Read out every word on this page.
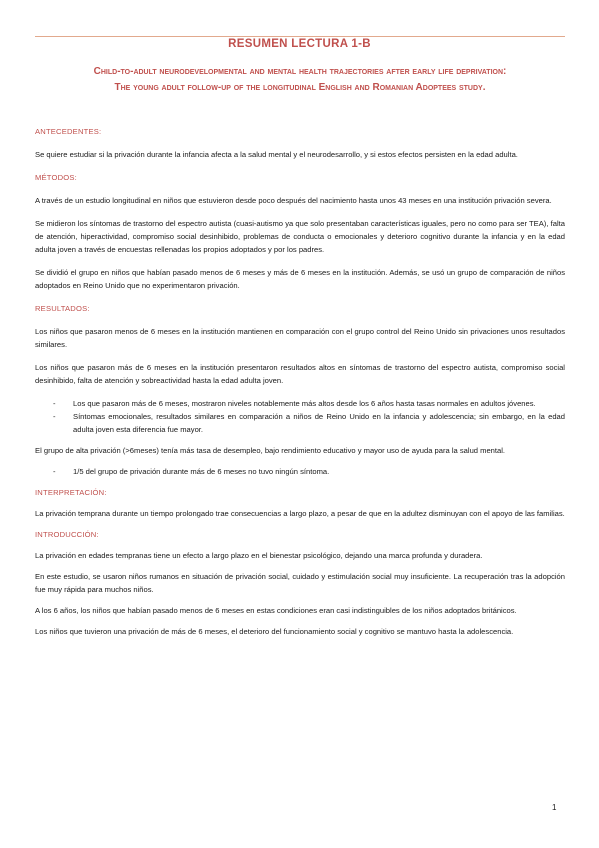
RESUMEN LECTURA 1-B
Child-to-adult neurodevelopmental and mental health trajectories after early life deprivation:
The young adult follow-up of the longitudinal English and Romanian Adoptees study.
ANTECEDENTES:

Se quiere estudiar si la privación durante la infancia afecta a la salud mental y el neurodesarrollo, y si estos efectos persisten en la edad adulta.

MÉTODOS:

A través de un estudio longitudinal en niños que estuvieron desde poco después del nacimiento hasta unos 43 meses en una institución privación severa.

Se midieron los síntomas de trastorno del espectro autista (cuasi-autismo ya que solo presentaban características iguales, pero no como para ser TEA), falta de atención, hiperactividad, compromiso social desinhibido, problemas de conducta o emocionales y deterioro cognitivo durante la infancia y en la edad adulta joven a través de encuestas rellenadas los propios adoptados y por los padres.

Se dividió el grupo en niños que habían pasado menos de 6 meses y más de 6 meses en la institución. Además, se usó un grupo de comparación de niños adoptados en Reino Unido que no experimentaron privación.

RESULTADOS:

Los niños que pasaron menos de 6 meses en la institución mantienen en comparación con el grupo control del Reino Unido sin privaciones unos resultados similares.

Los niños que pasaron más de 6 meses en la institución presentaron resultados altos en síntomas de trastorno del espectro autista, compromiso social desinhibido, falta de atención y sobreactividad hasta la edad adulta joven.

- Los que pasaron más de 6 meses, mostraron niveles notablemente más altos desde los 6 años hasta tasas normales en adultos jóvenes.
- Síntomas emocionales, resultados similares en comparación a niños de Reino Unido en la infancia y adolescencia; sin embargo, en la edad adulta joven esta diferencia fue mayor.

El grupo de alta privación (>6meses) tenía más tasa de desempleo, bajo rendimiento educativo y mayor uso de ayuda para la salud mental.

- 1/5 del grupo de privación durante más de 6 meses no tuvo ningún síntoma.
INTERPRETACIÓN:

La privación temprana durante un tiempo prolongado trae consecuencias a largo plazo, a pesar de que en la adultez disminuyan con el apoyo de las familias.

INTRODUCCIÓN:

La privación en edades tempranas tiene un efecto a largo plazo en el bienestar psicológico, dejando una marca profunda y duradera.

En este estudio, se usaron niños rumanos en situación de privación social, cuidado y estimulación social muy insuficiente. La recuperación tras la adopción fue muy rápida para muchos niños.

A los 6 años, los niños que habían pasado menos de 6 meses en estas condiciones eran casi indistinguibles de los niños adoptados británicos.

Los niños que tuvieron una privación de más de 6 meses, el deterioro del funcionamiento social y cognitivo se mantuvo hasta la adolescencia.

1
